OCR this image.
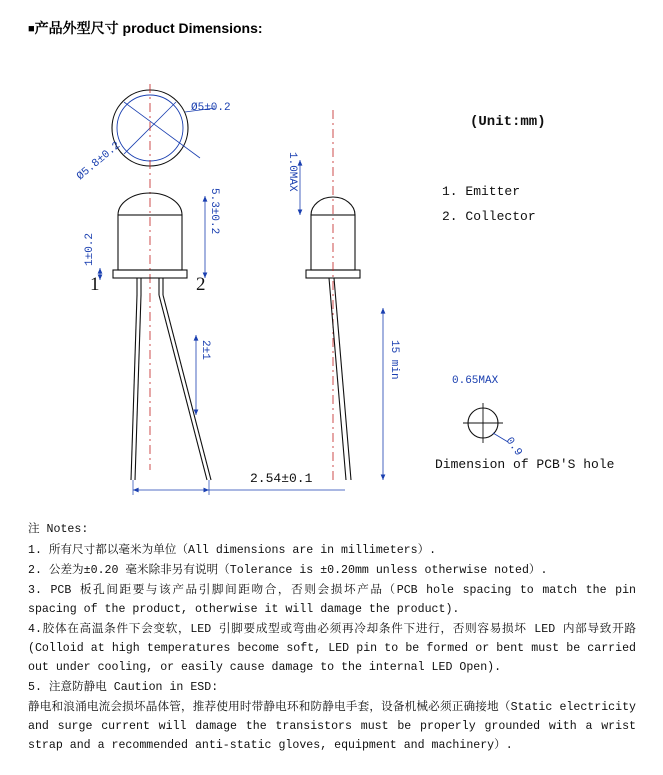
■产品外型尺寸 product Dimensions:
Ø5±0.2
Ø5.8±0.2
1	2
1±0.2
5.3±0.2
2±1
2.54±0.1
1.0MAX
15 min
(Unit:mm)
1. Emitter
2. Collector
0.65MAX
0.9
Dimension of PCB'S hole
注 Notes:
1. 所有尺寸都以毫米为单位（All dimensions are in millimeters）.
2. 公差为±0.20 毫米除非另有说明（Tolerance is ±0.20mm unless otherwise noted）.
3. PCB 板孔间距要与该产品引脚间距吻合，否则会损坏产品（PCB hole spacing to match the pin spacing of the product, otherwise it will damage the product).
4.胶体在高温条件下会变软，LED 引脚要成型或弯曲必须再冷却条件下进行，否则容易损坏 LED 内部导致开路(Colloid at high temperatures become soft, LED pin to be formed or bent must be carried out under cooling, or easily cause damage to the internal LED Open).
5. 注意防静电 Caution in ESD:
静电和浪涌电流会损坏晶体管，推荐使用时带静电环和防静电手套，设备机械必须正确接地（Static electricity and surge current will damage the transistors must be properly grounded with a wrist strap and a recommended anti-static gloves, equipment and machinery）.
